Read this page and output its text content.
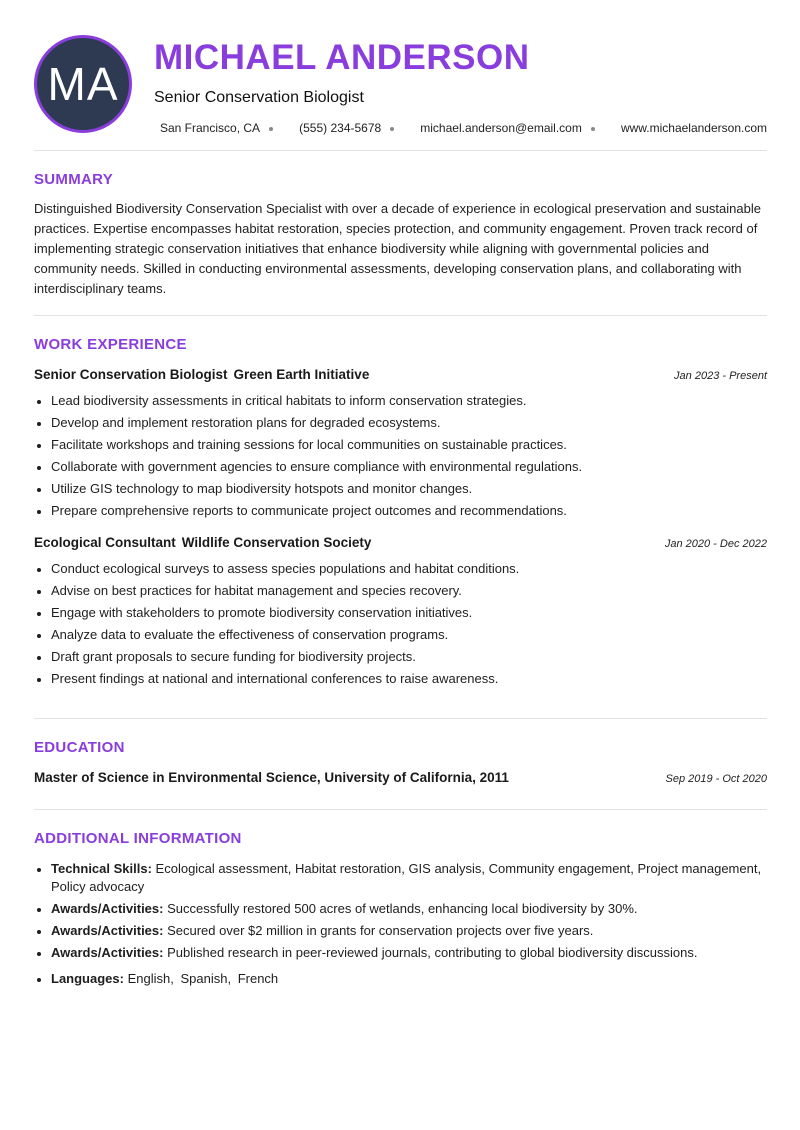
MA
MICHAEL ANDERSON
Senior Conservation Biologist
San Francisco, CA	(555) 234-5678	michael.anderson@email.com	www.michaelanderson.com
SUMMARY

Distinguished Biodiversity Conservation Specialist with over a decade of experience in ecological preservation and sustainable practices. Expertise encompasses habitat restoration, species protection, and community engagement. Proven track record of implementing strategic conservation initiatives that enhance biodiversity while aligning with governmental policies and community needs. Skilled in conducting environmental assessments, developing conservation plans, and collaborating with interdisciplinary teams.

WORK EXPERIENCE
Senior Conservation Biologist Green Earth Initiative	Jan 2023 - Present
• Lead biodiversity assessments in critical habitats to inform conservation strategies.
• Develop and implement restoration plans for degraded ecosystems.
• Facilitate workshops and training sessions for local communities on sustainable practices.
• Collaborate with government agencies to ensure compliance with environmental regulations.
• Utilize GIS technology to map biodiversity hotspots and monitor changes.
• Prepare comprehensive reports to communicate project outcomes and recommendations.
Ecological Consultant Wildlife Conservation Society	Jan 2020 - Dec 2022
• Conduct ecological surveys to assess species populations and habitat conditions.
• Advise on best practices for habitat management and species recovery.
• Engage with stakeholders to promote biodiversity conservation initiatives.
• Analyze data to evaluate the effectiveness of conservation programs.
• Draft grant proposals to secure funding for biodiversity projects.
• Present findings at national and international conferences to raise awareness.
EDUCATION
Master of Science in Environmental Science, University of California, 2011	Sep 2019 - Oct 2020
ADDITIONAL INFORMATION
• Technical Skills: Ecological assessment, Habitat restoration, GIS analysis, Community engagement, Project management, Policy advocacy
• Awards/Activities: Successfully restored 500 acres of wetlands, enhancing local biodiversity by 30%.
• Awards/Activities: Secured over $2 million in grants for conservation projects over five years.
• Awards/Activities: Published research in peer-reviewed journals, contributing to global biodiversity discussions.
• Languages: English, Spanish, French
